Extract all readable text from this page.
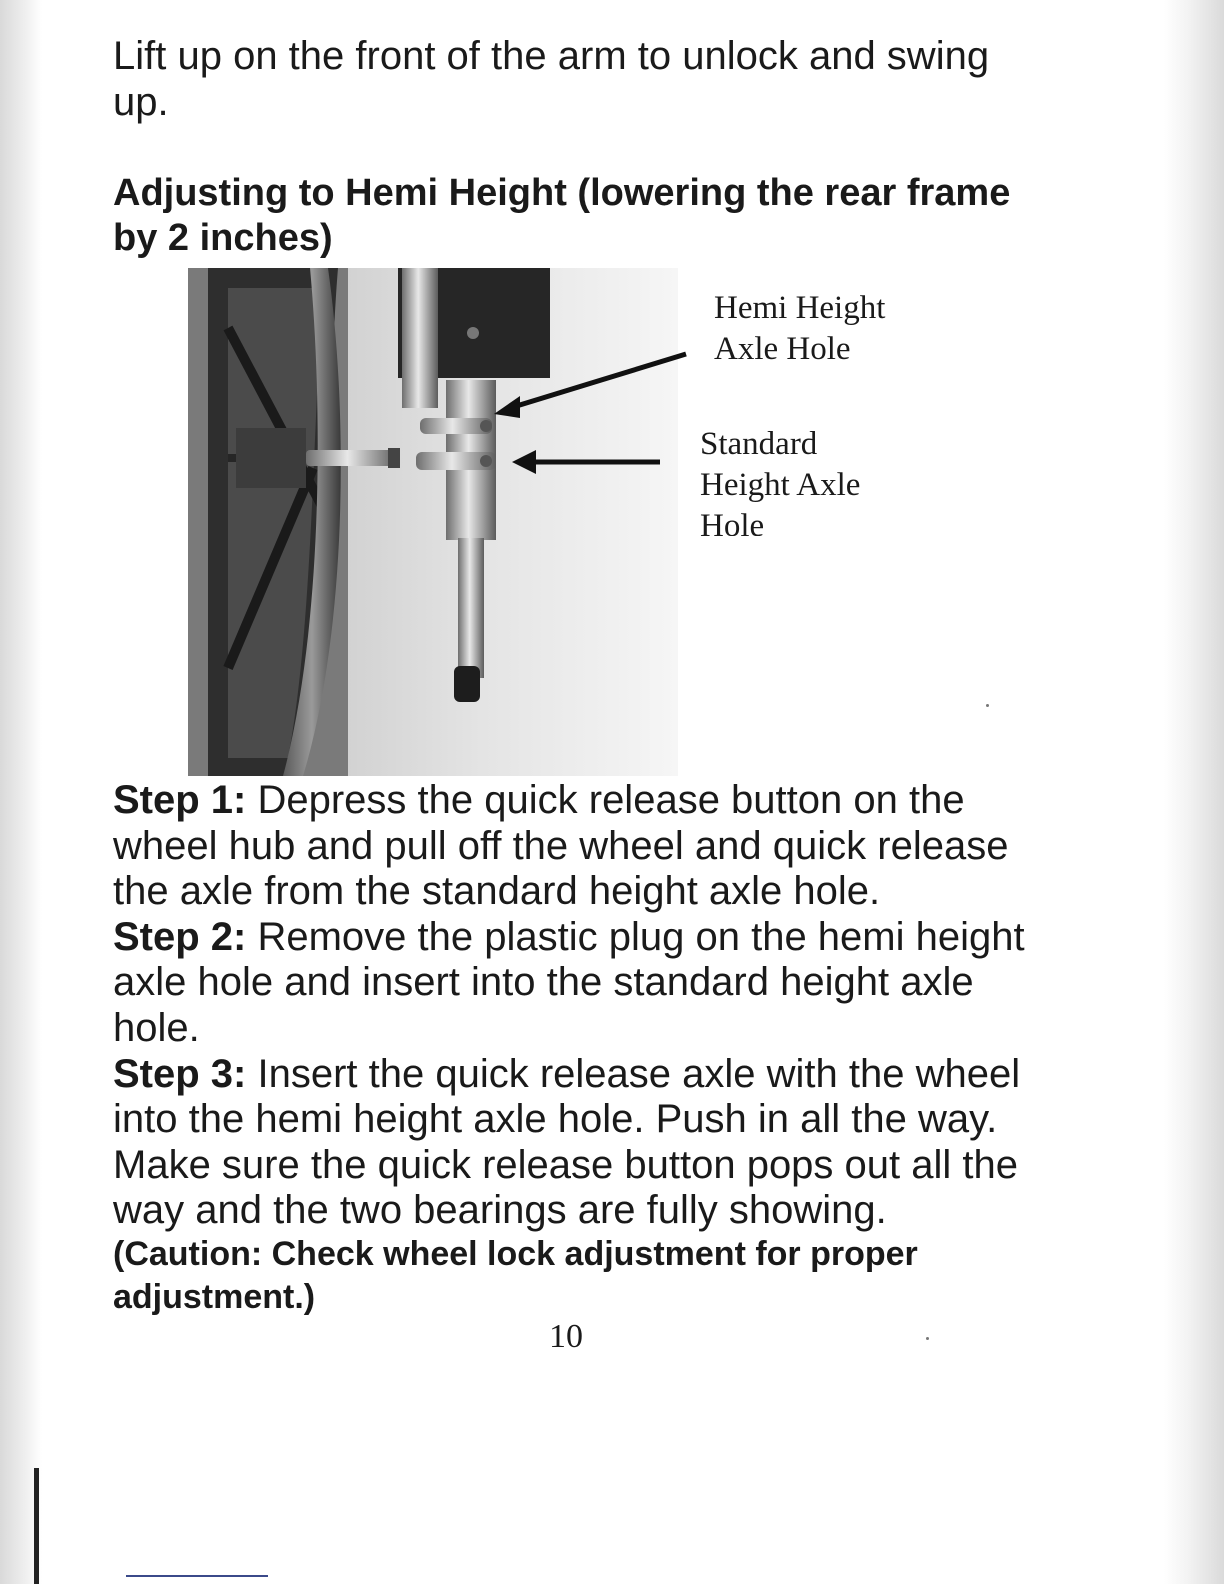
Lift up on the front of the arm to unlock and swing up.

Adjusting to Hemi Height (lowering the rear frame by 2 inches)
Hemi Height
Axle Hole
Standard
Height Axle
Hole

Step 1: Depress the quick release button on the wheel hub and pull off the wheel and quick release the axle from the standard height axle hole.

Step 2: Remove the plastic plug on the hemi height axle hole and insert into the standard height axle hole.

Step 3: Insert the quick release axle with the wheel into the hemi height axle hole. Push in all the way. Make sure the quick release button pops out all the way and the two bearings are fully showing.

(Caution: Check wheel lock adjustment for proper adjustment.)

10
